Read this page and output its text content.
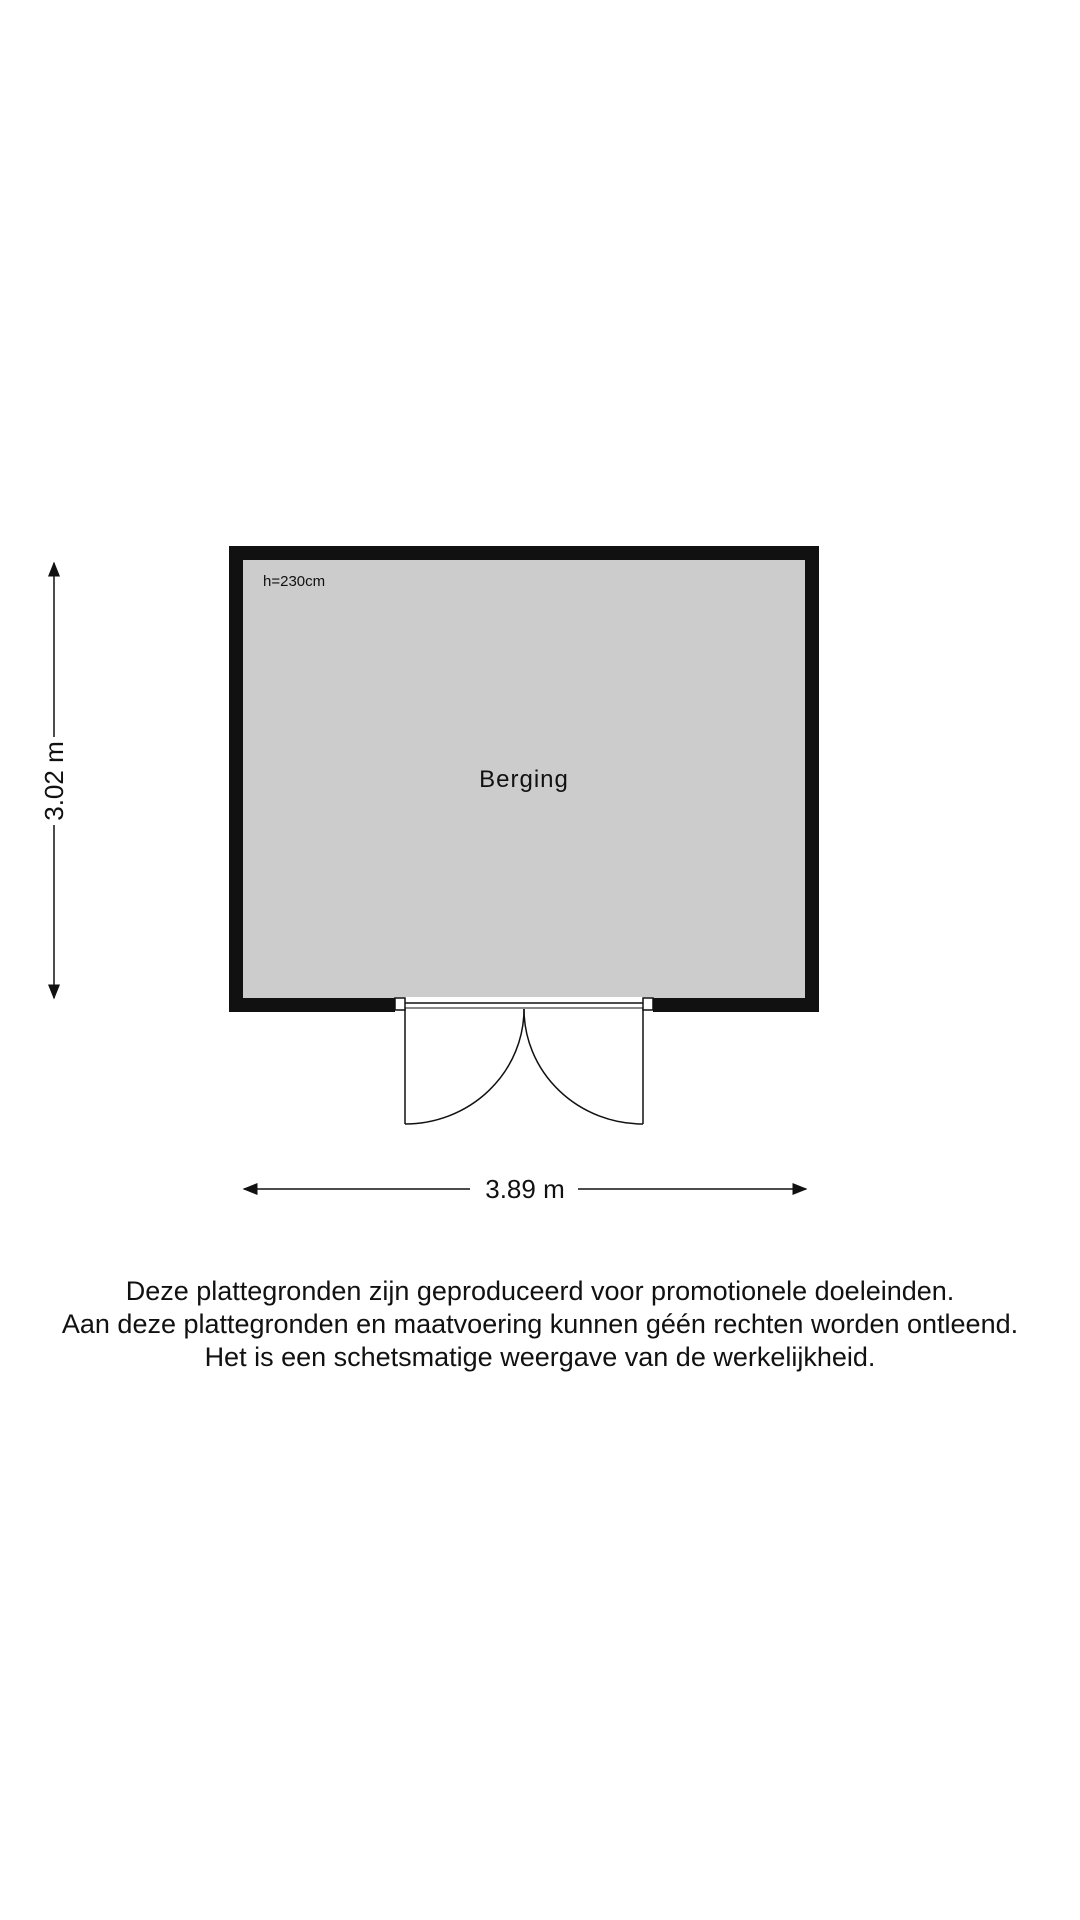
h=230cm
Berging
3.02 m
3.89 m
Deze plattegronden zijn geproduceerd voor promotionele doeleinden.
Aan deze plattegronden en maatvoering kunnen géén rechten worden ontleend.
Het is een schetsmatige weergave van de werkelijkheid.
